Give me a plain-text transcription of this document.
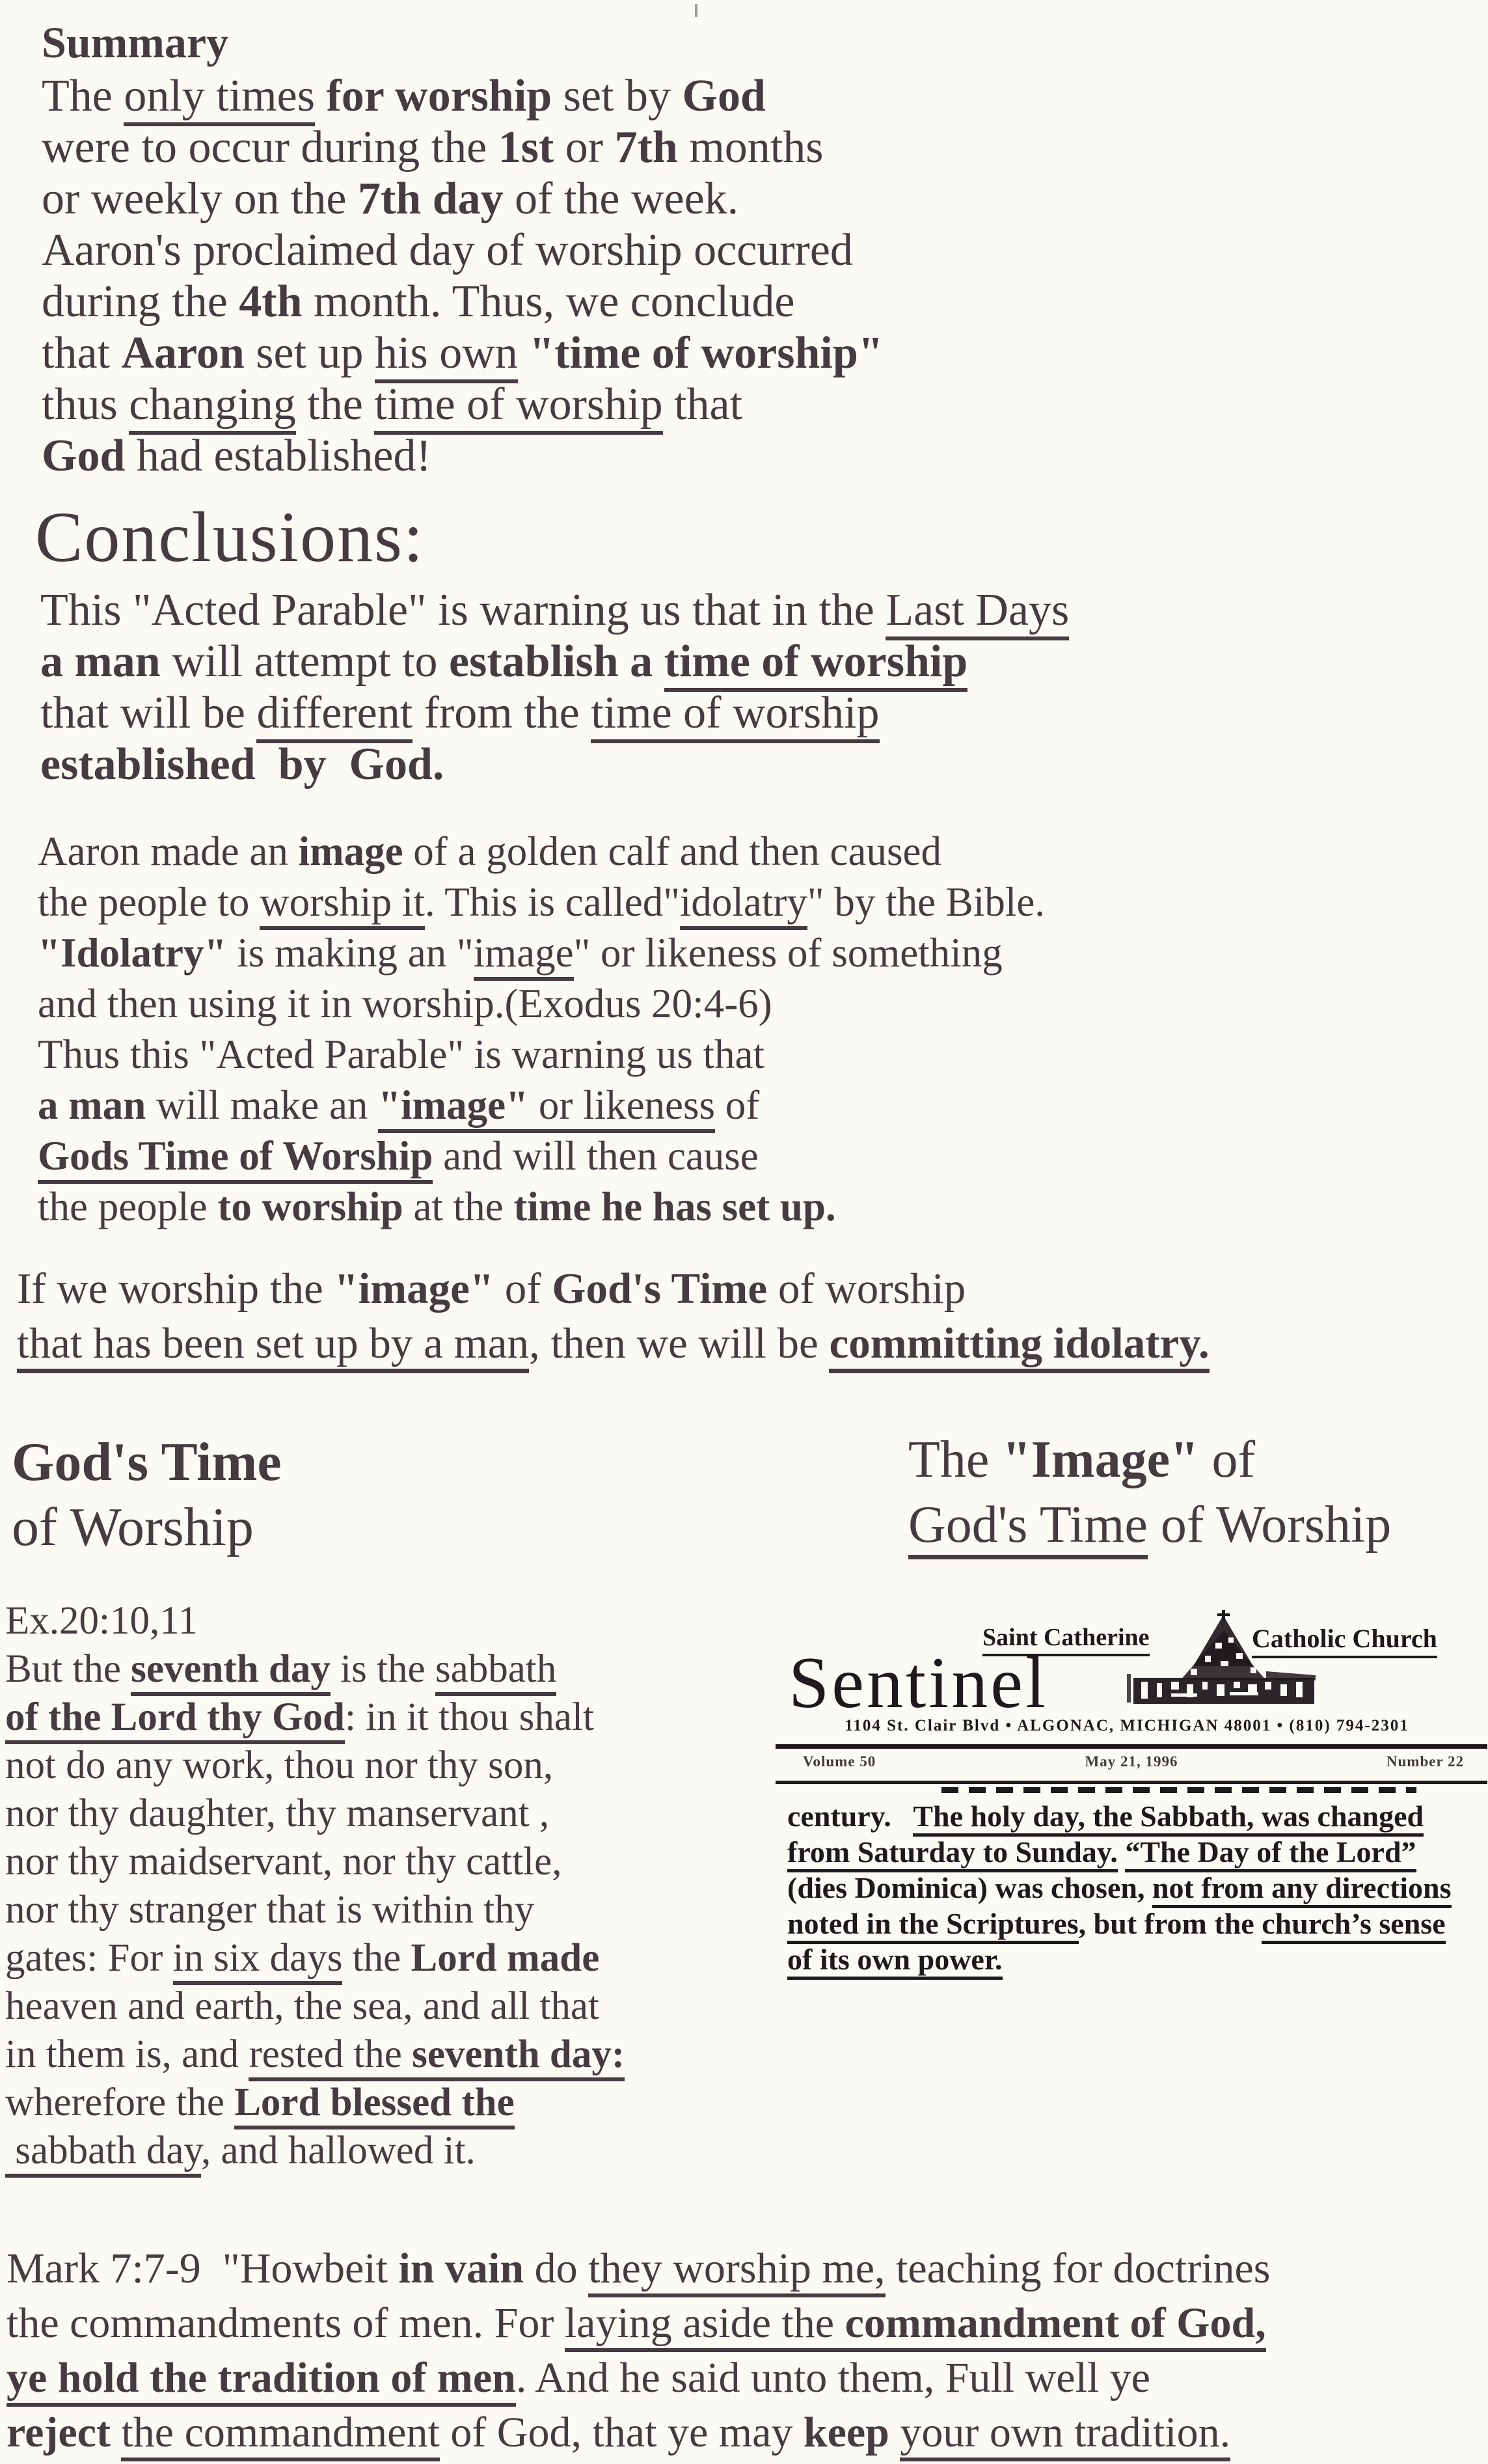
Summary
The only times for worship set by God
were to occur during the 1st or 7th months
or weekly on the 7th day of the week.
Aaron's proclaimed day of worship occurred
during the 4th month. Thus, we conclude
that Aaron set up his own "time of worship"
thus changing the time of worship that
God had established!
Conclusions:
This "Acted Parable" is warning us that in the Last Days
a man will attempt to establish a time of worship
that will be different from the time of worship
established  by  God.
Aaron made an image of a golden calf and then caused
the people to worship it. This is called"idolatry" by the Bible.
"Idolatry" is making an "image" or likeness of something
and then using it in worship.(Exodus 20:4-6)
Thus this "Acted Parable" is warning us that
a man will make an "image" or likeness of
Gods Time of Worship and will then cause
the people to worship at the time he has set up.
If we worship the "image" of God's Time of worship
that has been set up by a man, then we will be committing idolatry.
God's Time
of Worship
The "Image" of
God's Time of Worship
Ex.20:10,11
But the seventh day is the sabbath
of the Lord thy God: in it thou shalt
not do any work, thou nor thy son,
nor thy daughter, thy manservant ,
nor thy maidservant, nor thy cattle,
nor thy stranger that is within thy
gates: For in six days the Lord made
heaven and earth, the sea, and all that
in them is, and rested the seventh day:
wherefore the Lord blessed the
sabbath day, and hallowed it.
Saint Catherine	Catholic Church
Sentinel
1104 St. Clair Blvd • ALGONAC, MICHIGAN 48001 • (810) 794-2301
Volume 50	May 21, 1996	Number 22
century.   The holy day, the Sabbath, was changed
from Saturday to Sunday. “The Day of the Lord”
(dies Dominica) was chosen, not from any directions
noted in the Scriptures, but from the church’s sense
of its own power.
Mark 7:7-9  "Howbeit in vain do they worship me, teaching for doctrines
the commandments of men. For laying aside the commandment of God,
ye hold the tradition of men. And he said unto them, Full well ye
reject the commandment of God, that ye may keep your own tradition.
